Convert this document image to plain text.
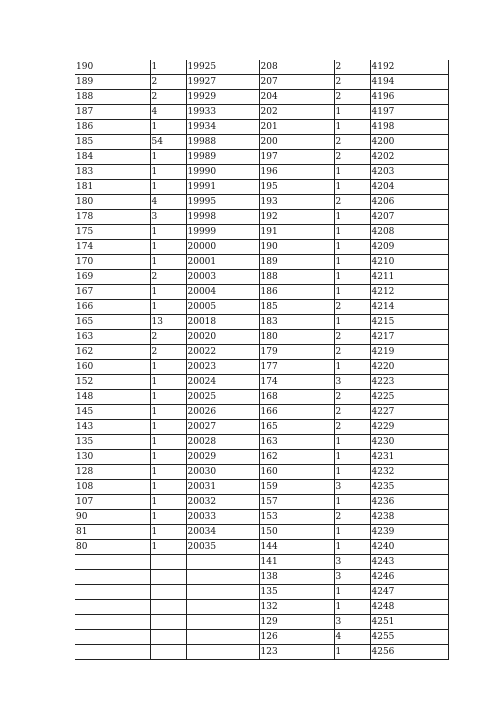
190	1	19925	208	2	4192
189	2	19927	207	2	4194
188	2	19929	204	2	4196
187	4	19933	202	1	4197
186	1	19934	201	1	4198
185	54	19988	200	2	4200
184	1	19989	197	2	4202
183	1	19990	196	1	4203
181	1	19991	195	1	4204
180	4	19995	193	2	4206
178	3	19998	192	1	4207
175	1	19999	191	1	4208
174	1	20000	190	1	4209
170	1	20001	189	1	4210
169	2	20003	188	1	4211
167	1	20004	186	1	4212
166	1	20005	185	2	4214
165	13	20018	183	1	4215
163	2	20020	180	2	4217
162	2	20022	179	2	4219
160	1	20023	177	1	4220
152	1	20024	174	3	4223
148	1	20025	168	2	4225
145	1	20026	166	2	4227
143	1	20027	165	2	4229
135	1	20028	163	1	4230
130	1	20029	162	1	4231
128	1	20030	160	1	4232
108	1	20031	159	3	4235
107	1	20032	157	1	4236
90	1	20033	153	2	4238
81	1	20034	150	1	4239
80	1	20035	144	1	4240
			141	3	4243
			138	3	4246
			135	1	4247
			132	1	4248
			129	3	4251
			126	4	4255
			123	1	4256
